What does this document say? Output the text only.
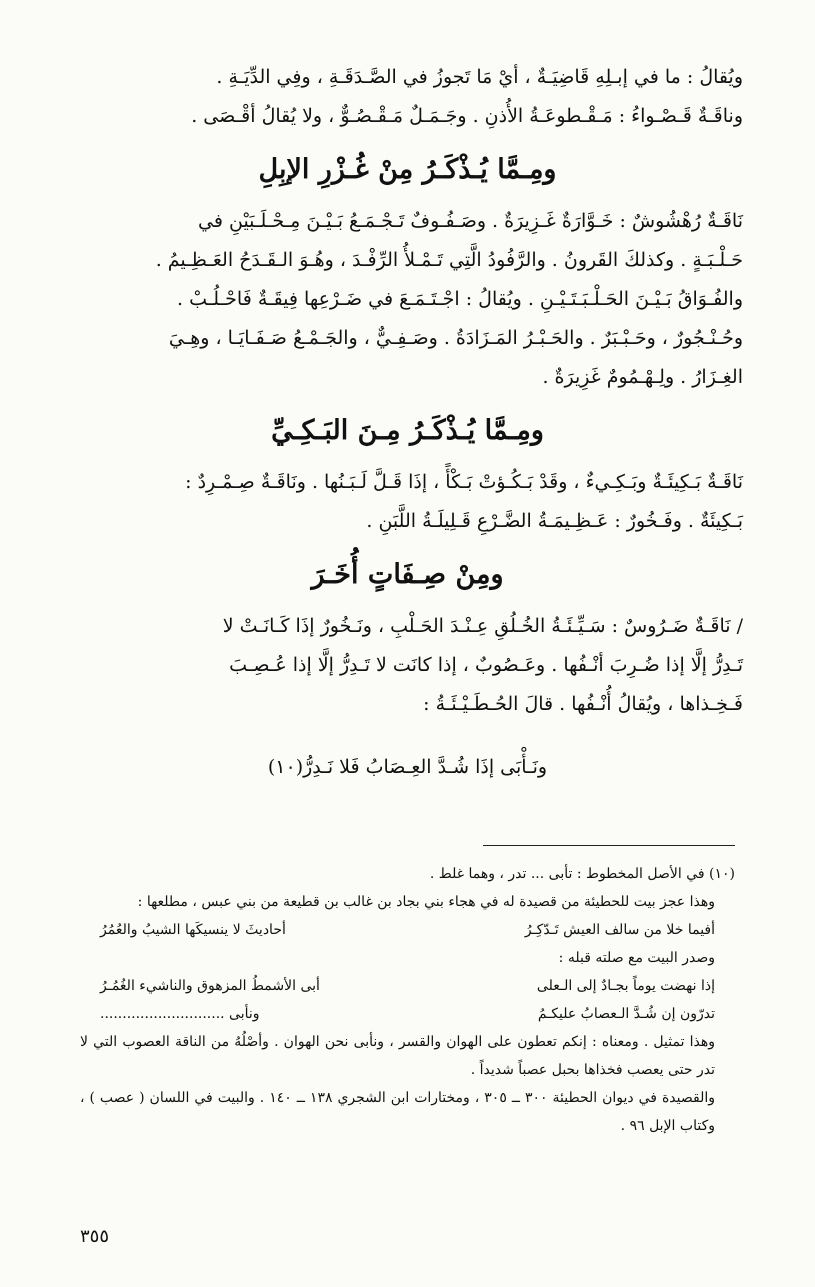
ويُقالُ : ما في إبـلِهِ قَاضِيَـةٌ ، أيْ مَا تَجوزُ في الصَّـدَقَـةِ ، وفِي الدِّيَـةِ .
وناقَـةٌ قَـصْـواءُ : مَـقْـطوعَـةُ الأُذنِ . وجَـمَـلٌ مَـقْـصُـوٌّ ، ولا يُقالُ أقْـصَى .

ومِـمَّا يُـذْكَـرُ مِنْ غُـزْرِ الإبِلِ

نَاقَـةٌ رُهْشُوشٌ : خَـوَّارَةٌ غَـزِيرَةٌ . وصَـفُـوفٌ تَـجْـمَـعُ بَـيْـنَ مِـحْـلَـبَيْنِ في
حَـلْـبَـةٍ . وكذلكَ القَرونُ . والرَّفُودُ الَّتِي تَـمْـلأُ الرِّفْـدَ ، وهُـوَ الـقَـدَحُ العَـظِـيمُ .
والفُـوَاقُ بَـيْـنَ الحَـلْـبَـتَـيْـنِ . ويُقالُ : اجْـتَـمَـعَ في ضَـرْعِها فِيقَـةٌ فَاحْـلُـبْ .
وحُـنْـجُورٌ ، وحَـبْـبَرٌ . والحَـبْـرُ المَـزَادَةُ . وصَـفِـيٌّ ، والجَـمْـعُ صَـفَـايَـا ، وهِـيَ
الغِـزَارُ . ولِـهْـمُومٌ غَزِيرَةٌ .

ومِـمَّا يُـذْكَـرُ مِـنَ البَـكِـيِّ

نَاقَـةٌ بَـكِيئَـةٌ وبَـكِـيءٌ ، وقَدْ بَـكُـؤتْ بَـكْأً ، إذَا قَـلَّ لَـبَـنُها . ونَاقَـةٌ صِـمْـرِدٌ :
بَـكِيئَةٌ . وفَـخُورٌ : عَـظِـيمَـةُ الضَّـرْعِ قَـلِيلَـةُ اللَّبَنِ .

ومِنْ صِـفَاتٍ أُخَـرَ

/ نَاقَـةٌ ضَـرُوسٌ : سَـيِّـئَـةُ الخُـلُقِ عِـنْـدَ الحَـلْبِ ، ونَـخُورٌ إذَا كَـانَـتْ لا
تَـدِرُّ إلَّا إذا ضُـرِبَ أنْـفُها . وعَـصُوبٌ ، إذا كانَت لا تَـدِرُّ إلَّا إذا عُـصِـبَ
فَـخِـذاها ، ويُقالُ أُنْـفُها . قالَ الحُـطَـيْـئَـةُ :

ونَـأْبَى إذَا شُـدَّ العِـصَابُ فَلا نَـدِرُّ(١٠)

(١٠) في الأصل المخطوط : تأبى ... تدر ، وهما غلط .

وهذا عجز بيت للحطيئة من قصيدة له في هجاء بني بجاد بن غالب بن قطيعة من بني عبس ، مطلعها :

أفيما خلا من سالف العيش تَـدّكِـرُ
أحاديثَ لا ينسيكَها الشيبُ والعُمُرُ

وصدر البيت مع صلته قبله :

إذا نهضت يوماً بجـادٌ إلى الـعلى
أبى الأشمطُ المزهوق والناشيء الغُمُـرُ
تدرّون إن شُـدَّ الـعصابُ عليكـمُ
ونأبى ............................

وهذا تمثيل . ومعناه : إنكم تعطون على الهوان والقسر ، ونأبى نحن الهوان . وأصْلُهُ من الناقة العصوب التي لا تدر حتى يعصب فخذاها بحبل عصباً شديداً .

والقصيدة في ديوان الحطيئة ٣٠٠ ــ ٣٠٥ ، ومختارات ابن الشجري ١٣٨ ــ ١٤٠ . والبيت في اللسان ( عصب ) ، وكتاب الإبل ٩٦ .

٣٥٥
